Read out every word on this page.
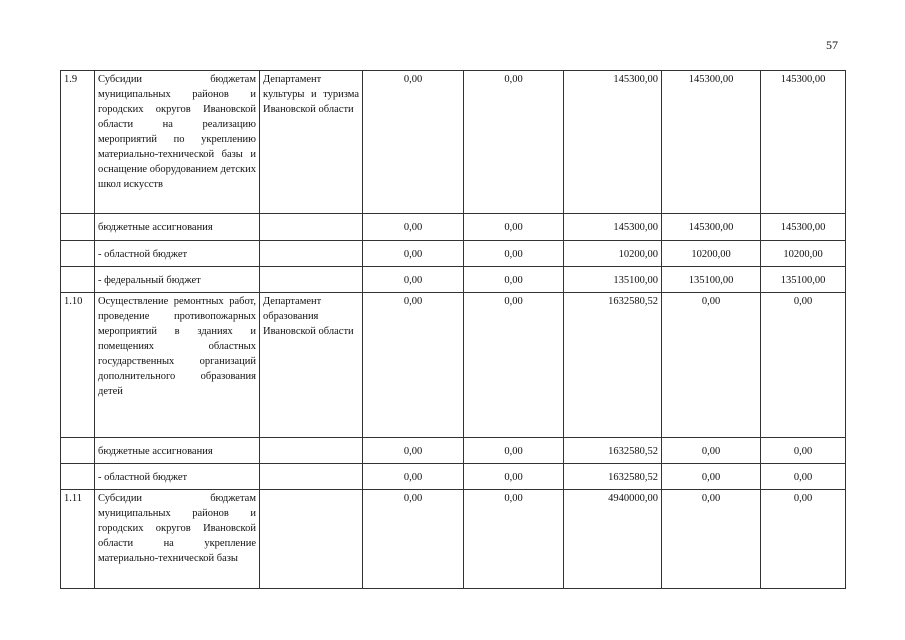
57
1.9	Субсидии бюджетам муниципальных районов и городских округов Ивановской области на реализацию мероприятий по укреплению материально-технической базы и оснащение оборудованием детских школ искусств	Департамент культуры и туризма Ивановской области	0,00	0,00	145300,00	145300,00	145300,00
	бюджетные ассигнования		0,00	0,00	145300,00	145300,00	145300,00
	- областной бюджет		0,00	0,00	10200,00	10200,00	10200,00
	- федеральный бюджет		0,00	0,00	135100,00	135100,00	135100,00
1.10	Осуществление ремонтных работ, проведение противопожарных мероприятий в зданиях и помещениях областных государственных организаций дополнительного образования детей	Департамент образования Ивановской области	0,00	0,00	1632580,52	0,00	0,00
	бюджетные ассигнования		0,00	0,00	1632580,52	0,00	0,00
	- областной бюджет		0,00	0,00	1632580,52	0,00	0,00
1.11	Субсидии бюджетам муниципальных районов и городских округов Ивановской области на укрепление материально-технической базы		0,00	0,00	4940000,00	0,00	0,00
